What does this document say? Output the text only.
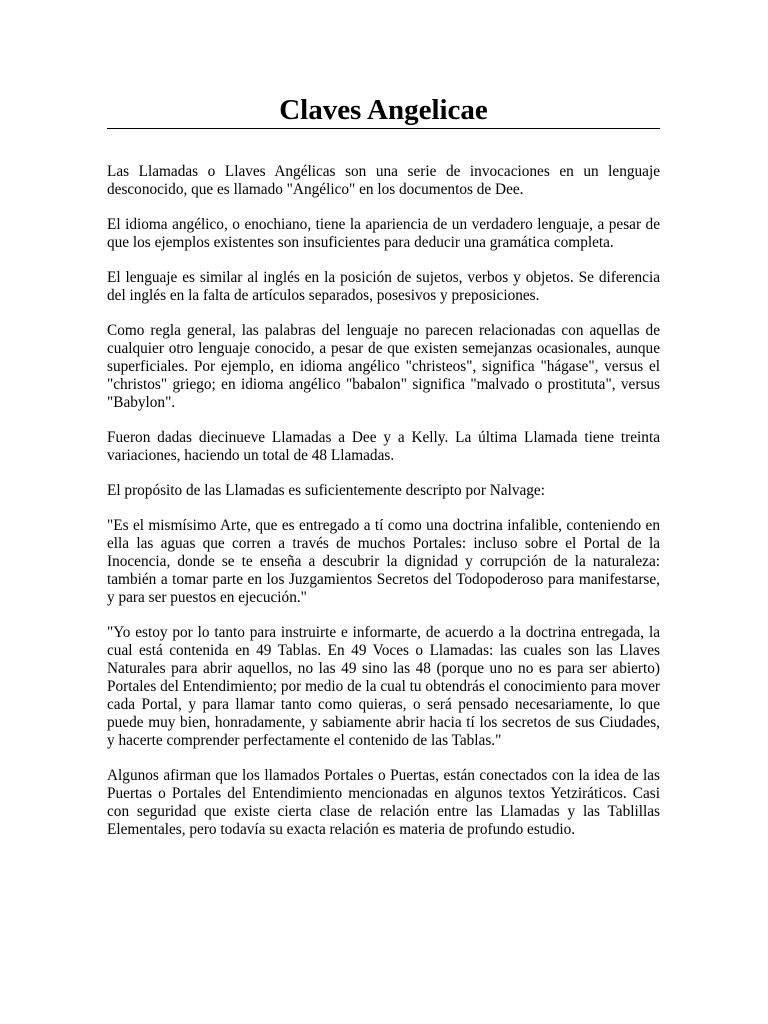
Claves Angelicae

Las Llamadas o Llaves Angélicas son una serie de invocaciones en un lenguaje desconocido, que es llamado "Angélico" en los documentos de Dee.

El idioma angélico, o enochiano, tiene la apariencia de un verdadero lenguaje, a pesar de que los ejemplos existentes son insuficientes para deducir una gramática completa.

El lenguaje es similar al inglés en la posición de sujetos, verbos y objetos. Se diferencia del inglés en la falta de artículos separados, posesivos y preposiciones.

Como regla general, las palabras del lenguaje no parecen relacionadas con aquellas de cualquier otro lenguaje conocido, a pesar de que existen semejanzas ocasionales, aunque superficiales. Por ejemplo, en idioma angélico "christeos", significa "hágase", versus el "christos" griego; en idioma angélico "babalon" significa "malvado o prostituta", versus "Babylon".

Fueron dadas diecinueve Llamadas a Dee y a Kelly. La última Llamada tiene treinta variaciones, haciendo un total de 48 Llamadas.

El propósito de las Llamadas es suficientemente descripto por Nalvage:

"Es el mismísimo Arte, que es entregado a tí como una doctrina infalible, conteniendo en ella las aguas que corren a través de muchos Portales: incluso sobre el Portal de la Inocencia, donde se te enseña a descubrir la dignidad y corrupción de la naturaleza: también a tomar parte en los Juzgamientos Secretos del Todopoderoso para manifestarse, y para ser puestos en ejecución."

"Yo estoy por lo tanto para instruirte e informarte, de acuerdo a la doctrina entregada, la cual está contenida en 49 Tablas. En 49 Voces o Llamadas: las cuales son las Llaves Naturales para abrir aquellos, no las 49 sino las 48 (porque uno no es para ser abierto) Portales del Entendimiento; por medio de la cual tu obtendrás el conocimiento para mover cada Portal, y para llamar tanto como quieras, o será pensado necesariamente, lo que puede muy bien, honradamente, y sabiamente abrir hacia tí los secretos de sus Ciudades, y hacerte comprender perfectamente el contenido de las Tablas."

Algunos afirman que los llamados Portales o Puertas, están conectados con la idea de las Puertas o Portales del Entendimiento mencionadas en algunos textos Yetziráticos. Casi con seguridad que existe cierta clase de relación entre las Llamadas y las Tablillas Elementales, pero todavía su exacta relación es materia de profundo estudio.
